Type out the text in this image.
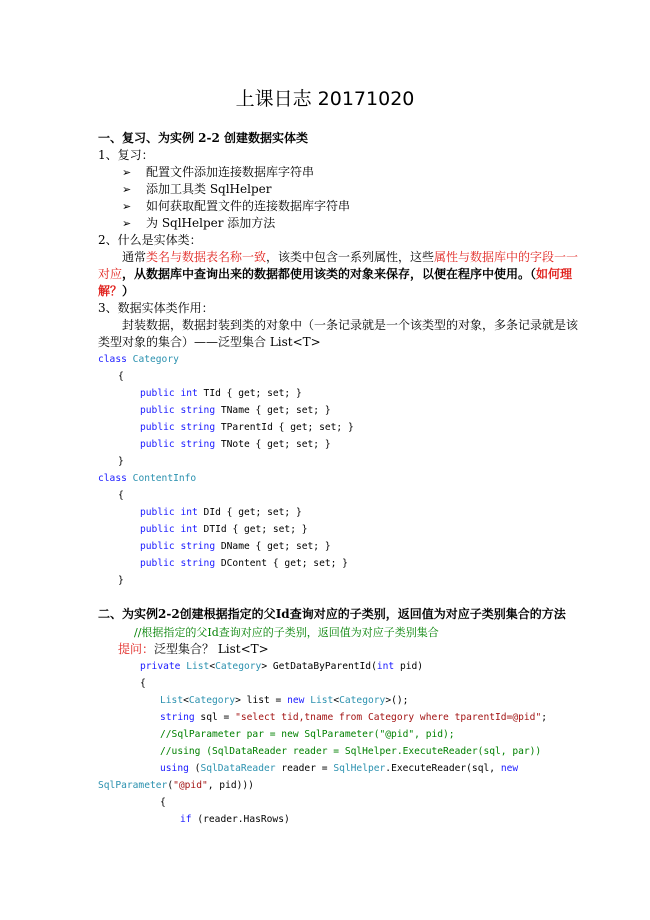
上课日志 20171020
一、复习、为实例 2-2 创建数据实体类
1、复习：
➢ 配置文件添加连接数据库字符串
➢ 添加工具类 SqlHelper
➢ 如何获取配置文件的连接数据库字符串
➢ 为 SqlHelper 添加方法
2、什么是实体类：
通常类名与数据表名称一致，该类中包含一系列属性，这些属性与数据库中的字段一一
对应，从数据库中查询出来的数据都使用该类的对象来保存，以便在程序中使用。（如何理
解？）
3、数据实体类作用：
封装数据，数据封装到类的对象中（一条记录就是一个该类型的对象，多条记录就是该
类型对象的集合）——泛型集合 List<T>
class Category
{
public int TId { get; set; }
public string TName { get; set; }
public string TParentId { get; set; }
public string TNote { get; set; }
}
class ContentInfo
{
public int DId { get; set; }
public int DTId { get; set; }
public string DName { get; set; }
public string DContent { get; set; }
}
二、为实例2-2创建根据指定的父Id查询对应的子类别，返回值为对应子类别集合的方法
//根据指定的父Id查询对应的子类别，返回值为对应子类别集合
提问：泛型集合？ List<T>
private List<Category> GetDataByParentId(int pid)
{
List<Category> list = new List<Category>();
string sql = "select tid,tname from Category where tparentId=@pid";
//SqlParameter par = new SqlParameter("@pid", pid);
//using (SqlDataReader reader = SqlHelper.ExecuteReader(sql, par))
using (SqlDataReader reader = SqlHelper.ExecuteReader(sql, new
SqlParameter("@pid", pid)))
{
if (reader.HasRows)
